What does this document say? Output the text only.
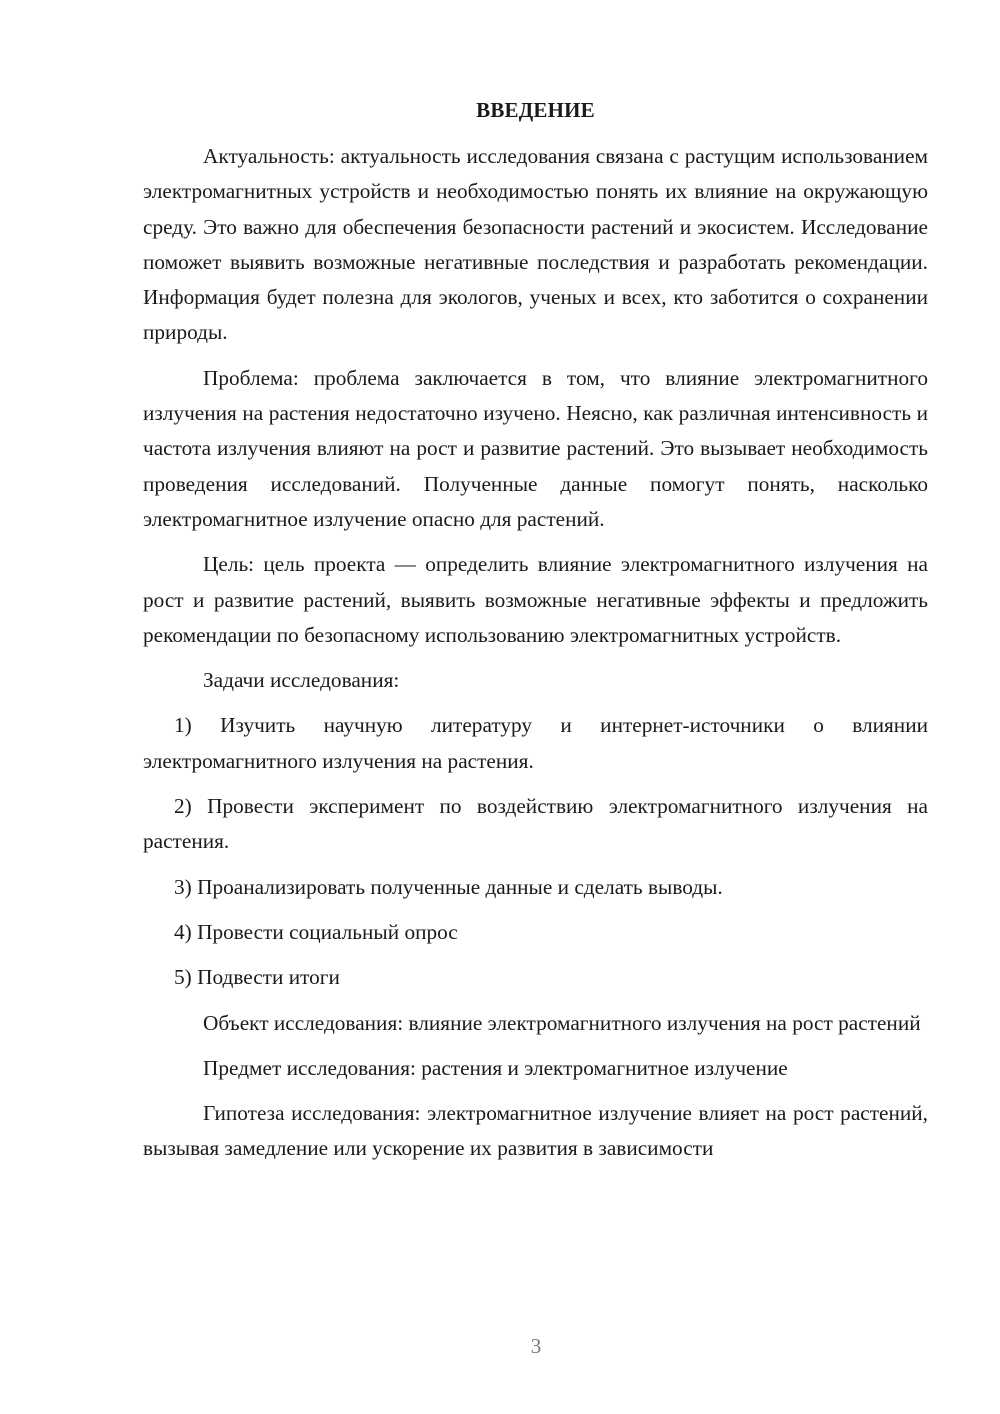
ВВЕДЕНИЕ

Актуальность: актуальность исследования связана с растущим использованием электромагнитных устройств и необходимостью понять их влияние на окружающую среду. Это важно для обеспечения безопасности растений и экосистем. Исследование поможет выявить возможные негативные последствия и разработать рекомендации. Информация будет полезна для экологов, ученых и всех, кто заботится о сохранении природы.

Проблема: проблема заключается в том, что влияние электромагнитного излучения на растения недостаточно изучено. Неясно, как различная интенсивность и частота излучения влияют на рост и развитие растений. Это вызывает необходимость проведения исследований. Полученные данные помогут понять, насколько электромагнитное излучение опасно для растений.

Цель: цель проекта — определить влияние электромагнитного излучения на рост и развитие растений, выявить возможные негативные эффекты и предложить рекомендации по безопасному использованию электромагнитных устройств.

Задачи исследования:

1) Изучить научную литературу и интернет-источники о влиянии электромагнитного излучения на растения.

2) Провести эксперимент по воздействию электромагнитного излучения на растения.

3) Проанализировать полученные данные и сделать выводы.

4) Провести социальный опрос

5) Подвести итоги

Объект исследования: влияние электромагнитного излучения на рост растений

Предмет исследования: растения и электромагнитное излучение

Гипотеза исследования: электромагнитное излучение влияет на рост растений, вызывая замедление или ускорение их развития в зависимости

3
